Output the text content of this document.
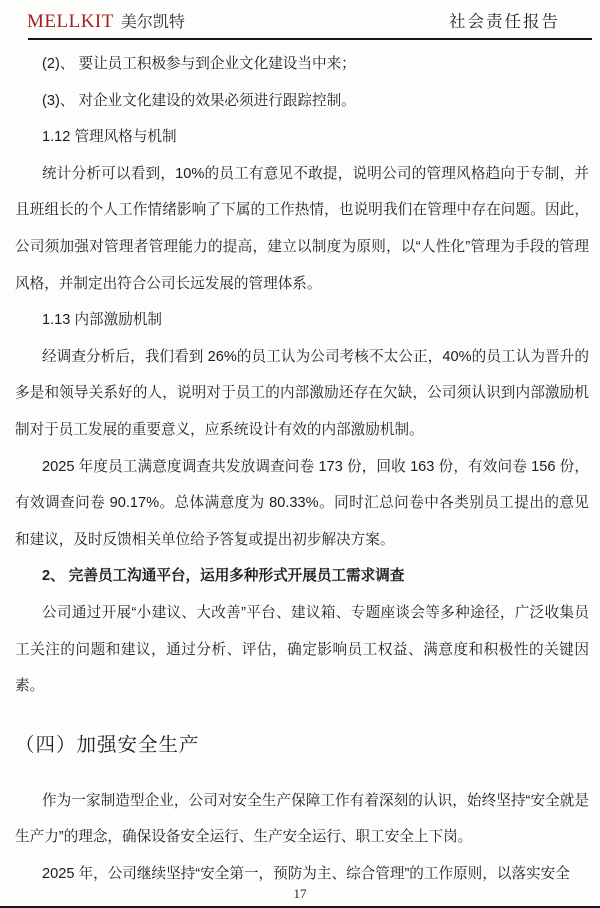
MELLKIT 美尔凯特	社会责任报告
(2)、 要让员工积极参与到企业文化建设当中来；
(3)、 对企业文化建设的效果必须进行跟踪控制。
1.12 管理风格与机制
统计分析可以看到，10%的员工有意见不敢提，说明公司的管理风格趋向于专制，并且班组长的个人工作情绪影响了下属的工作热情，也说明我们在管理中存在问题。因此，公司须加强对管理者管理能力的提高，建立以制度为原则，以“人性化”管理为手段的管理风格，并制定出符合公司长远发展的管理体系。
1.13 内部激励机制
经调查分析后，我们看到 26%的员工认为公司考核不太公正，40%的员工认为晋升的多是和领导关系好的人，说明对于员工的内部激励还存在欠缺，公司须认识到内部激励机制对于员工发展的重要意义，应系统设计有效的内部激励机制。
2025 年度员工满意度调查共发放调查问卷 173 份，回收 163 份，有效问卷 156 份，有效调查问卷 90.17%。总体满意度为 80.33%。同时汇总问卷中各类别员工提出的意见和建议，及时反馈相关单位给予答复或提出初步解决方案。
2、 完善员工沟通平台，运用多种形式开展员工需求调查
公司通过开展“小建议、大改善”平台、建议箱、专题座谈会等多种途径，广泛收集员工关注的问题和建议，通过分析、评估，确定影响员工权益、满意度和积极性的关键因素。
（四）加强安全生产
作为一家制造型企业，公司对安全生产保障工作有着深刻的认识，始终坚持“安全就是生产力”的理念，确保设备安全运行、生产安全运行、职工安全上下岗。
2025 年，公司继续坚持“安全第一，预防为主、综合管理”的工作原则，以落实安全
17
